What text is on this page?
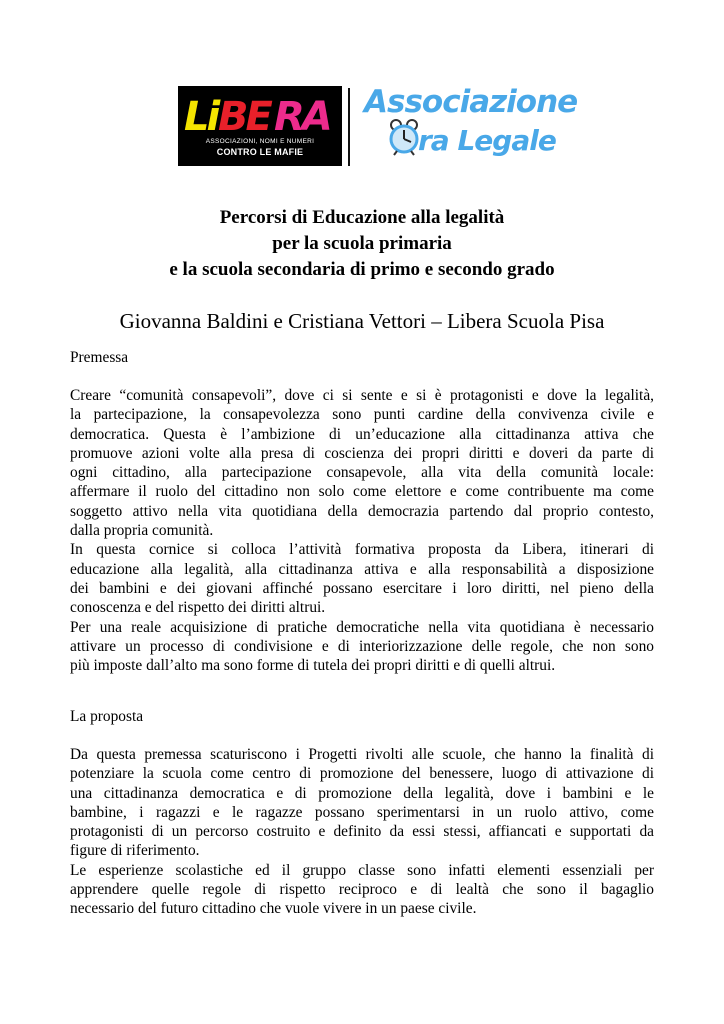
Li BE RA
ASSOCIAZIONI, NOMI E NUMERI
CONTRO LE MAFIE
Associazione
ra Legale

Percorsi di Educazione alla legalità

per la scuola primaria

e la scuola secondaria di primo e secondo grado

Giovanna Baldini e Cristiana Vettori – Libera Scuola Pisa

Premessa

Creare “comunità consapevoli”, dove ci si sente e si è protagonisti e dove la legalità,
la partecipazione, la consapevolezza sono punti cardine della convivenza civile e
democratica. Questa è l’ambizione di un’educazione alla cittadinanza attiva che
promuove azioni volte alla presa di coscienza dei propri diritti e doveri da parte di
ogni cittadino, alla partecipazione consapevole, alla vita della comunità locale:
affermare il ruolo del cittadino non solo come elettore e come contribuente ma come
soggetto attivo nella vita quotidiana della democrazia partendo dal proprio contesto,
dalla propria comunità.
In questa cornice si colloca l’attività formativa proposta da Libera, itinerari di
educazione alla legalità, alla cittadinanza attiva e alla responsabilità a disposizione
dei bambini e dei giovani affinché possano esercitare i loro diritti, nel pieno della
conoscenza e del rispetto dei diritti altrui.
Per una reale acquisizione di pratiche democratiche nella vita quotidiana è necessario
attivare un processo di condivisione e di interiorizzazione delle regole, che non sono
più imposte dall’alto ma sono forme di tutela dei propri diritti e di quelli altrui.

La proposta

Da questa premessa scaturiscono i Progetti rivolti alle scuole, che hanno la finalità di
potenziare la scuola come centro di promozione del benessere, luogo di attivazione di
una cittadinanza democratica e di promozione della legalità, dove i bambini e le
bambine, i ragazzi e le ragazze possano sperimentarsi in un ruolo attivo, come
protagonisti di un percorso costruito e definito da essi stessi, affiancati e supportati da
figure di riferimento.
Le esperienze scolastiche ed il gruppo classe sono infatti elementi essenziali per
apprendere quelle regole di rispetto reciproco e di lealtà che sono il bagaglio
necessario del futuro cittadino che vuole vivere in un paese civile.
